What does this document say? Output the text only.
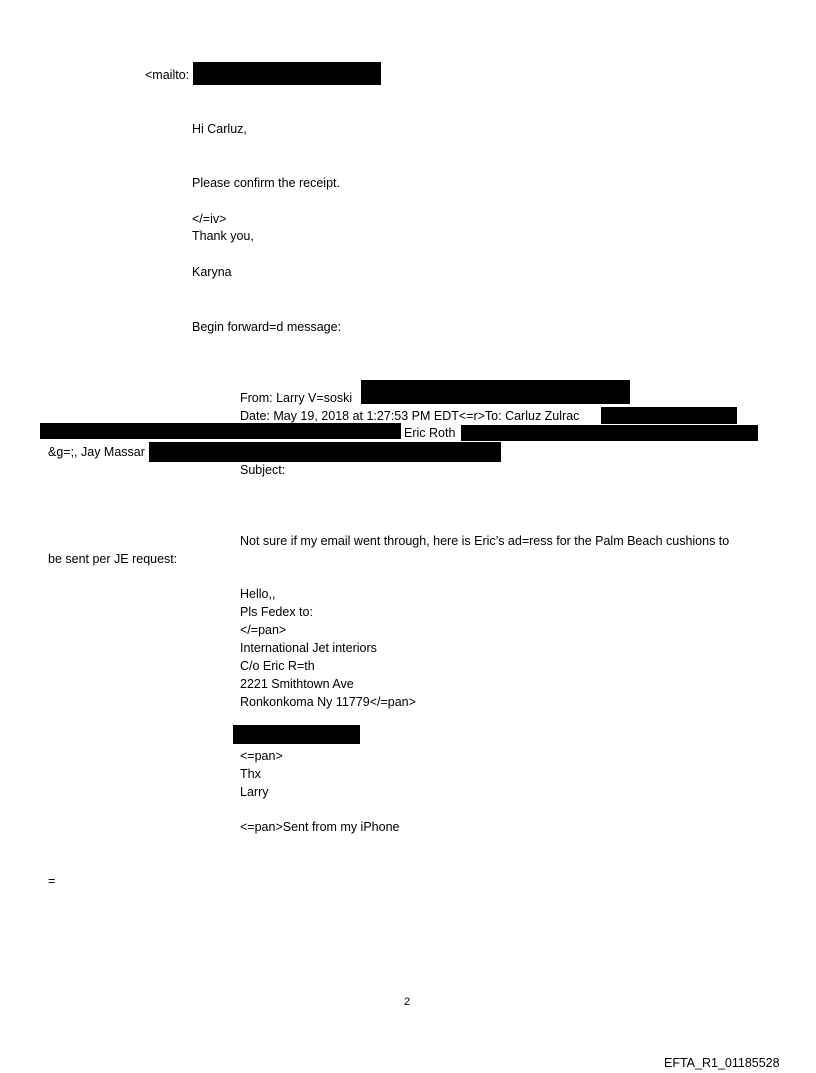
<mailto:
Hi Carluz,
Please confirm the receipt.
</=iv>
Thank you,
Karyna
Begin forward=d message:
From: Larry V=soski
Date: May 19, 2018 at 1:27:53 PM EDT<=r>To: Carluz Zulrac
Eric Roth
&g=;, Jay Massar
Subject:
Not sure if my email went through, here is Eric’s ad=ress for the Palm Beach cushions to
be sent per JE request:
Hello,,
Pls Fedex to:
</=pan>
International Jet interiors
C/o Eric R=th
2221 Smithtown Ave
Ronkonkoma Ny 11779</=pan>
<=pan>
Thx
Larry
<=pan>Sent from my iPhone
=
2
EFTA_R1_01185528
